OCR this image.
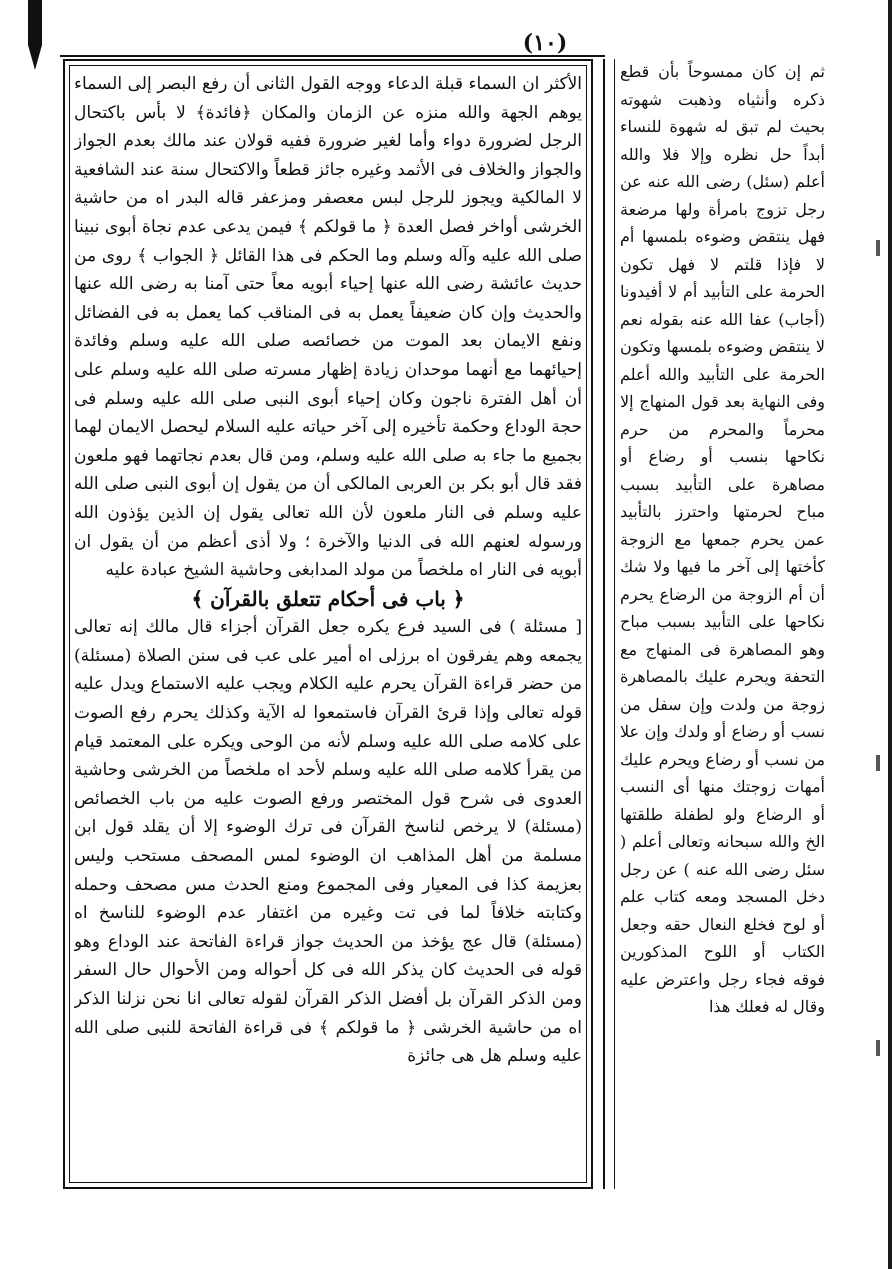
(١٠)

الأكثر ان السماء قبلة الدعاء ووجه القول الثانى أن رفع البصر إلى السماء يوهم الجهة والله منزه عن الزمان والمكان ﴿فائدة﴾ لا بأس باكتحال الرجل لضرورة دواء وأما لغير ضرورة ففيه قولان عند مالك بعدم الجواز والجواز والخلاف فى الأثمد وغيره جائز قطعاً والاكتحال سنة عند الشافعية لا المالكية ويجوز للرجل لبس معصفر ومزعفر قاله البدر اه من حاشية الخرشى أواخر فصل العدة ﴿ ما قولكم ﴾ فيمن يدعى عدم نجاة أبوى نبينا صلى الله عليه وآله وسلم وما الحكم فى هذا القائل ﴿ الجواب ﴾ روى من حديث عائشة رضى الله عنها إحياء أبويه معاً حتى آمنا به رضى الله عنها والحديث وإن كان ضعيفاً يعمل به فى المناقب كما يعمل به فى الفضائل ونفع الايمان بعد الموت من خصائصه صلى الله عليه وسلم وفائدة إحيائهما مع أنهما موحدان زيادة إظهار مسرته صلى الله عليه وسلم على أن أهل الفترة ناجون وكان إحياء أبوى النبى صلى الله عليه وسلم فى حجة الوداع وحكمة تأخيره إلى آخر حياته عليه السلام ليحصل الايمان لهما بجميع ما جاء به صلى الله عليه وسلم، ومن قال بعدم نجاتهما فهو ملعون فقد قال أبو بكر بن العربى المالكى أن من يقول إن أبوى النبى صلى الله عليه وسلم فى النار ملعون لأن الله تعالى يقول إن الذين يؤذون الله ورسوله لعنهم الله فى الدنيا والآخرة ؛ ولا أذى أعظم من أن يقول ان أبويه فى النار اه ملخصاً من مولد المدابغى وحاشية الشيخ عبادة عليه

﴿ باب فى أحكام تتعلق بالقرآن ﴾

[ مسئلة ) فى السيد فرع يكره جعل القرآن أجزاء قال مالك إنه تعالى يجمعه وهم يفرقون اه برزلى اه أمير على عب فى سنن الصلاة (مسئلة) من حضر قراءة القرآن يحرم عليه الكلام ويجب عليه الاستماع ويدل عليه قوله تعالى وإذا قرئ القرآن فاستمعوا له الآية وكذلك يحرم رفع الصوت على كلامه صلى الله عليه وسلم لأنه من الوحى ويكره على المعتمد قيام من يقرأ كلامه صلى الله عليه وسلم لأحد اه ملخصاً من الخرشى وحاشية العدوى فى شرح قول المختصر ورفع الصوت عليه من باب الخصائص (مسئلة) لا يرخص لناسخ القرآن فى ترك الوضوء إلا أن يقلد قول ابن مسلمة من أهل المذاهب ان الوضوء لمس المصحف مستحب وليس بعزيمة كذا فى المعيار وفى المجموع ومنع الحدث مس مصحف وحمله وكتابته خلافاً لما فى تت وغيره من اغتفار عدم الوضوء للناسخ اه (مسئلة) قال عج يؤخذ من الحديث جواز قراءة الفاتحة عند الوداع وهو قوله فى الحديث كان يذكر الله فى كل أحواله ومن الأحوال حال السفر ومن الذكر القرآن بل أفضل الذكر القرآن لقوله تعالى انا نحن نزلنا الذكر اه من حاشية الخرشى ﴿ ما قولكم ﴾ فى قراءة الفاتحة للنبى صلى الله عليه وسلم هل هى جائزة

ثم إن كان ممسوحاً بأن قطع ذكره وأنثياه وذهبت شهوته بحيث لم تبق له شهوة للنساء أبداً حل نظره وإلا فلا والله أعلم (سئل) رضى الله عنه عن رجل تزوج بامرأة ولها مرضعة فهل ينتقض وضوءه بلمسها أم لا فإذا قلتم لا فهل تكون الحرمة على التأبيد أم لا أفيدونا (أجاب) عفا الله عنه بقوله نعم لا ينتقض وضوءه بلمسها وتكون الحرمة على التأبيد والله أعلم وفى النهاية بعد قول المنهاج إلا محرماً والمحرم من حرم نكاحها بنسب أو رضاع أو مصاهرة على التأبيد بسبب مباح لحرمتها واحترز بالتأبيد عمن يحرم جمعها مع الزوجة كأختها إلى آخر ما فيها ولا شك أن أم الزوجة من الرضاع يحرم نكاحها على التأبيد بسبب مباح وهو المصاهرة فى المنهاج مع التحفة ويحرم عليك بالمصاهرة زوجة من ولدت وإن سفل من نسب أو رضاع أو ولدك وإن علا من نسب أو رضاع ويحرم عليك أمهات زوجتك منها أى النسب أو الرضاع ولو لطفلة طلقتها الخ والله سبحانه وتعالى أعلم ( سئل رضى الله عنه ) عن رجل دخل المسجد ومعه كتاب علم أو لوح فخلع النعال حقه وجعل الكتاب أو اللوح المذكورين فوقه فجاء رجل واعترض عليه وقال له فعلك هذا
